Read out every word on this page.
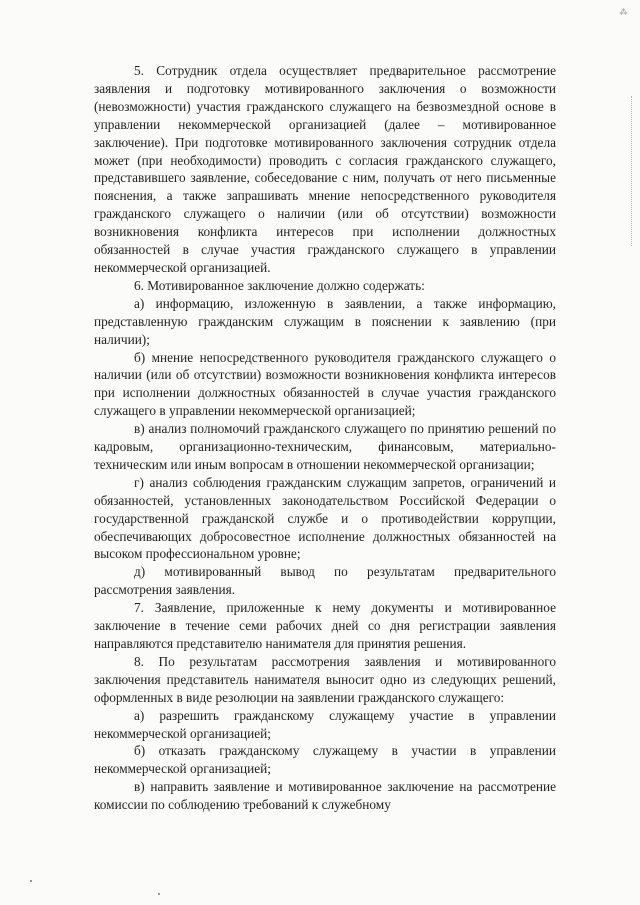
⁂

5. Сотрудник отдела осуществляет предварительное рассмотрение заявления и подготовку мотивированного заключения о возможности (невозможности) участия гражданского служащего на безвозмездной основе в управлении некоммерческой организацией (далее – мотивированное заключение). При подготовке мотивированного заключения сотрудник отдела может (при необходимости) проводить с согласия гражданского служащего, представившего заявление, собеседование с ним, получать от него письменные пояснения, а также запрашивать мнение непосредственного руководителя гражданского служащего о наличии (или об отсутствии) возможности возникновения конфликта интересов при исполнении должностных обязанностей в случае участия гражданского служащего в управлении некоммерческой организацией.

6. Мотивированное заключение должно содержать:

а) информацию, изложенную в заявлении, а также информацию, представленную гражданским служащим в пояснении к заявлению (при наличии);

б) мнение непосредственного руководителя гражданского служащего о наличии (или об отсутствии) возможности возникновения конфликта интересов при исполнении должностных обязанностей в случае участия гражданского служащего в управлении некоммерческой организацией;

в) анализ полномочий гражданского служащего по принятию решений по кадровым, организационно-техническим, финансовым, материально-техническим или иным вопросам в отношении некоммерческой организации;

г) анализ соблюдения гражданским служащим запретов, ограничений и обязанностей, установленных законодательством Российской Федерации о государственной гражданской службе и о противодействии коррупции, обеспечивающих добросовестное исполнение должностных обязанностей на высоком профессиональном уровне;

д) мотивированный вывод по результатам предварительного рассмотрения заявления.

7. Заявление, приложенные к нему документы и мотивированное заключение в течение семи рабочих дней со дня регистрации заявления направляются представителю нанимателя для принятия решения.

8. По результатам рассмотрения заявления и мотивированного заключения представитель нанимателя выносит одно из следующих решений, оформленных в виде резолюции на заявлении гражданского служащего:

а) разрешить гражданскому служащему участие в управлении некоммерческой организацией;

б) отказать гражданскому служащему в участии в управлении некоммерческой организацией;

в) направить заявление и мотивированное заключение на рассмотрение комиссии по соблюдению требований к служебному
